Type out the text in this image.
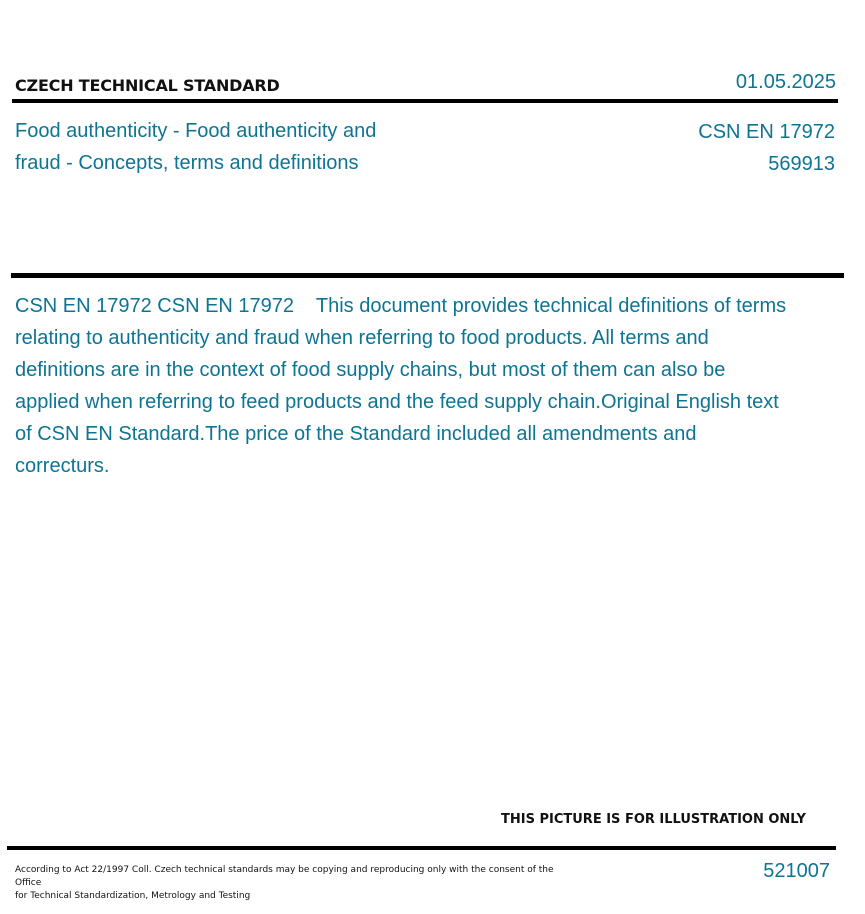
CZECH TECHNICAL STANDARD	01.05.2025
Food authenticity - Food authenticity and
fraud - Concepts, terms and definitions
CSN EN 17972
569913
CSN EN 17972 CSN EN 17972    This document provides technical definitions of terms relating to authenticity and fraud when referring to food products. All terms and definitions are in the context of food supply chains, but most of them can also be applied when referring to feed products and the feed supply chain.Original English text of CSN EN Standard.The price of the Standard included all amendments and correcturs.
THIS PICTURE IS FOR ILLUSTRATION ONLY
According to Act 22/1997 Coll. Czech technical standards may be copying and reproducing only with the consent of the Office
for Technical Standardization, Metrology and Testing
521007
